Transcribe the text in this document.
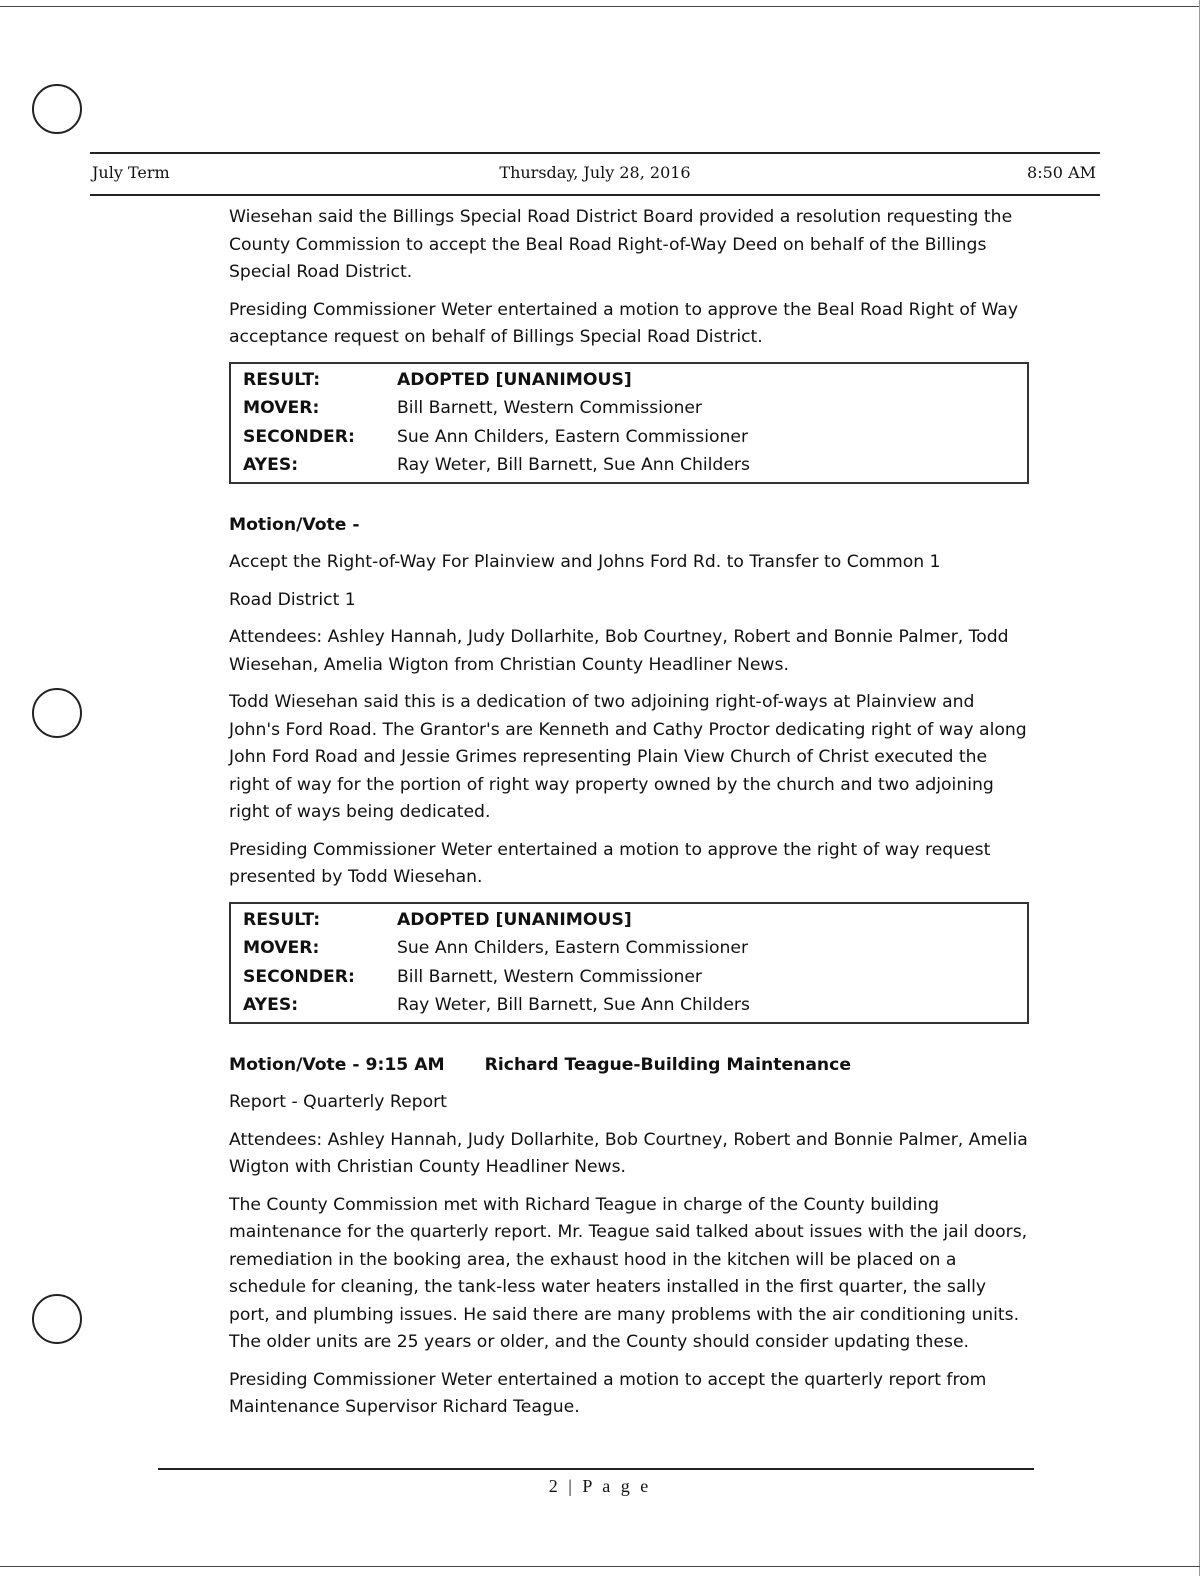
July Term	Thursday, July 28, 2016	8:50 AM

Wiesehan said the Billings Special Road District Board provided a resolution requesting the County Commission to accept the Beal Road Right-of-Way Deed on behalf of the Billings Special Road District.

Presiding Commissioner Weter entertained a motion to approve the Beal Road Right of Way acceptance request on behalf of Billings Special Road District.

RESULT:	ADOPTED [UNANIMOUS]
MOVER:	Bill Barnett, Western Commissioner
SECONDER:	Sue Ann Childers, Eastern Commissioner
AYES:	Ray Weter, Bill Barnett, Sue Ann Childers

Motion/Vote -

Accept the Right-of-Way For Plainview and Johns Ford Rd. to Transfer to Common 1

Road District 1

Attendees: Ashley Hannah, Judy Dollarhite, Bob Courtney, Robert and Bonnie Palmer, Todd Wiesehan, Amelia Wigton from Christian County Headliner News.

Todd Wiesehan said this is a dedication of two adjoining right-of-ways at Plainview and John's Ford Road. The Grantor's are Kenneth and Cathy Proctor dedicating right of way along John Ford Road and Jessie Grimes representing Plain View Church of Christ executed the right of way for the portion of right way property owned by the church and two adjoining right of ways being dedicated.

Presiding Commissioner Weter entertained a motion to approve the right of way request presented by Todd Wiesehan.

RESULT:	ADOPTED [UNANIMOUS]
MOVER:	Sue Ann Childers, Eastern Commissioner
SECONDER:	Bill Barnett, Western Commissioner
AYES:	Ray Weter, Bill Barnett, Sue Ann Childers

Motion/Vote - 9:15 AM Richard Teague-Building Maintenance

Report - Quarterly Report

Attendees: Ashley Hannah, Judy Dollarhite, Bob Courtney, Robert and Bonnie Palmer, Amelia Wigton with Christian County Headliner News.

The County Commission met with Richard Teague in charge of the County building maintenance for the quarterly report. Mr. Teague said talked about issues with the jail doors, remediation in the booking area, the exhaust hood in the kitchen will be placed on a schedule for cleaning, the tank-less water heaters installed in the first quarter, the sally port, and plumbing issues. He said there are many problems with the air conditioning units. The older units are 25 years or older, and the County should consider updating these.

Presiding Commissioner Weter entertained a motion to accept the quarterly report from Maintenance Supervisor Richard Teague.

2 | P a g e
